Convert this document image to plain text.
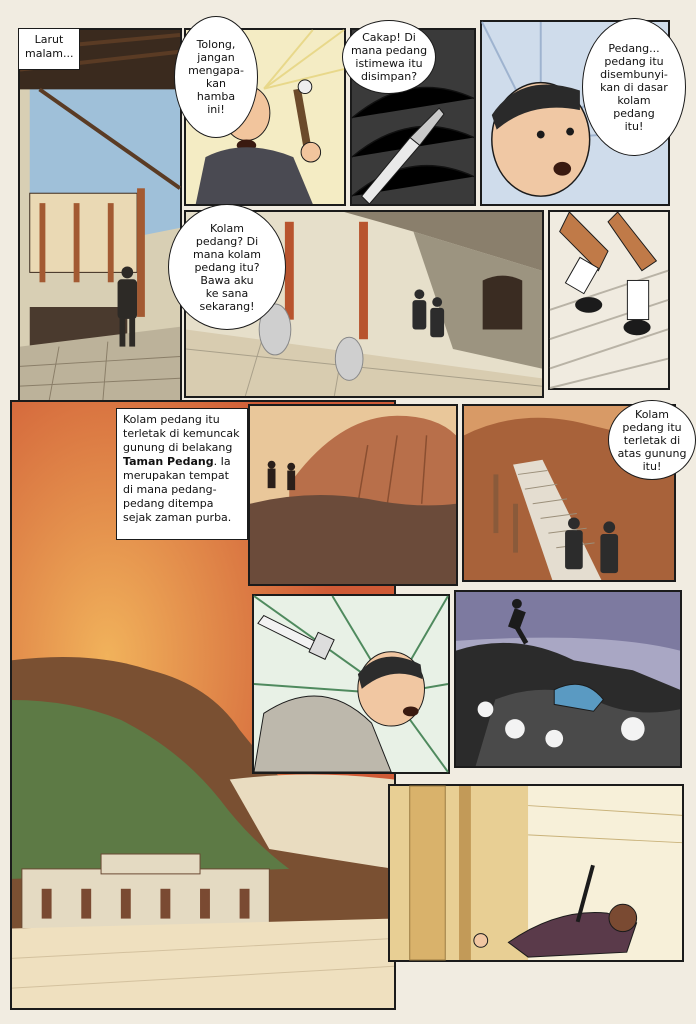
Larut malam...
Tolong,
jangan
mengapa-
kan
hamba
ini!
Cakap! Di
mana pedang
istimewa itu
disimpan?
Pedang...
pedang itu
disembunyi-
kan di dasar
kolam
pedang
itu!
Kolam
pedang? Di
mana kolam
pedang itu?
Bawa aku
ke sana
sekarang!
Kolam pedang itu terletak di kemuncak gunung di belakang Taman Pedang. Ia merupakan tempat di mana pedang-pedang ditempa sejak zaman purba.
Kolam
pedang itu
terletak di
atas gunung
itu!
